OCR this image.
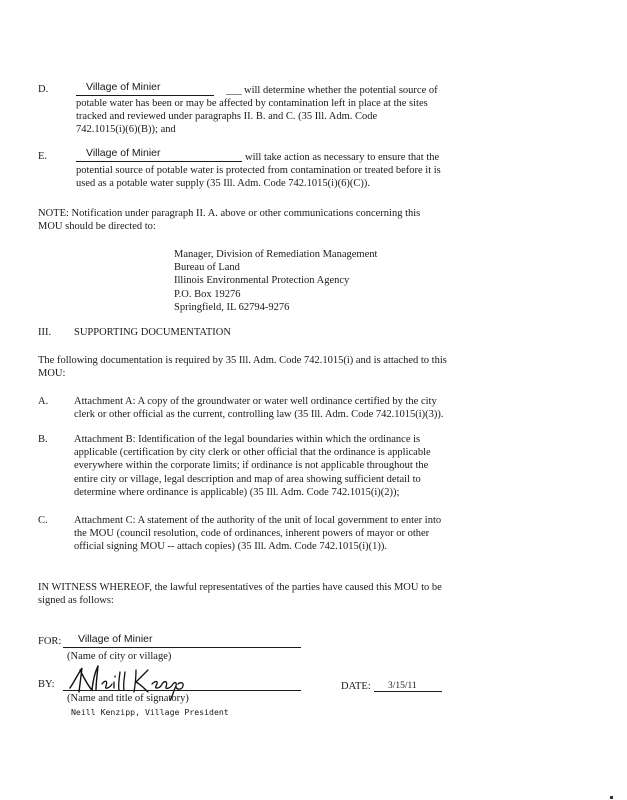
D.	Village of Minier	___ will determine whether the potential source of
potable water has been or may be affected by contamination left in place at the sites
tracked and reviewed under paragraphs II. B. and C. (35 Ill. Adm. Code
742.1015(i)(6)(B)); and
E.	Village of Minier	will take action as necessary to ensure that the
potential source of potable water is protected from contamination or treated before it is
used as a potable water supply (35 Ill. Adm. Code 742.1015(i)(6)(C)).
NOTE: Notification under paragraph II. A. above or other communications concerning this
MOU should be directed to:
Manager, Division of Remediation Management
Bureau of Land
Illinois Environmental Protection Agency
P.O. Box 19276
Springfield, IL 62794-9276
III. SUPPORTING DOCUMENTATION
The following documentation is required by 35 Ill. Adm. Code 742.1015(i) and is attached to this
MOU:
A. Attachment A: A copy of the groundwater or water well ordinance certified by the city
clerk or other official as the current, controlling law (35 Ill. Adm. Code 742.1015(i)(3)).
B.	Attachment B: Identification of the legal boundaries within which the ordinance is
applicable (certification by city clerk or other official that the ordinance is applicable
everywhere within the corporate limits; if ordinance is not applicable throughout the
entire city or village, legal description and map of area showing sufficient detail to
determine where ordinance is applicable) (35 Ill. Adm. Code 742.1015(i)(2));
C.	Attachment C: A statement of the authority of the unit of local government to enter into
the MOU (council resolution, code of ordinances, inherent powers of mayor or other
official signing MOU -- attach copies) (35 Ill. Adm. Code 742.1015(i)(1)).
IN WITNESS WHEREOF, the lawful representatives of the parties have caused this MOU to be
signed as follows:
FOR: Village of Minier
(Name of city or village)
BY:
(Name and title of signatory)
Neill Kenzipp, Village President
DATE: 3/15/11
